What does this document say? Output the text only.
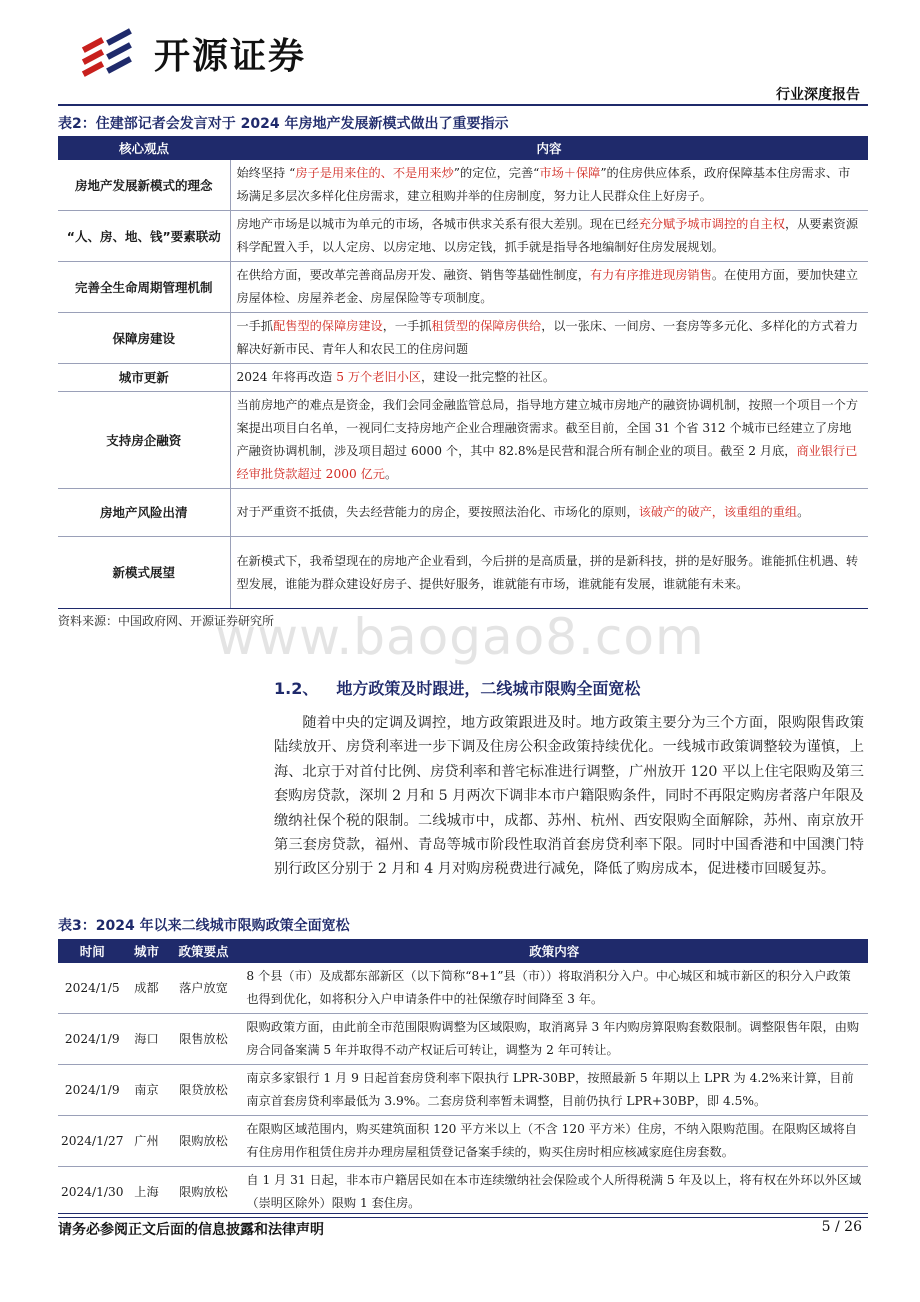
开源证券
行业深度报告
表2：住建部记者会发言对于 2024 年房地产发展新模式做出了重要指示
核心观点	内容
房地产发展新模式的理念	始终坚持 “房子是用来住的、不是用来炒”的定位，完善“市场＋保障”的住房供应体系，政府保障基本住房需求、市场满足多层次多样化住房需求，建立租购并举的住房制度，努力让人民群众住上好房子。
“人、房、地、钱”要素联动	房地产市场是以城市为单元的市场，各城市供求关系有很大差别。现在已经充分赋予城市调控的自主权，从要素资源科学配置入手，以人定房、以房定地、以房定钱，抓手就是指导各地编制好住房发展规划。
完善全生命周期管理机制	在供给方面，要改革完善商品房开发、融资、销售等基础性制度，有力有序推进现房销售。在使用方面，要加快建立房屋体检、房屋养老金、房屋保险等专项制度。
保障房建设	一手抓配售型的保障房建设，一手抓租赁型的保障房供给，以一张床、一间房、一套房等多元化、多样化的方式着力解决好新市民、青年人和农民工的住房问题
城市更新	2024 年将再改造 5 万个老旧小区，建设一批完整的社区。
支持房企融资	当前房地产的难点是资金，我们会同金融监管总局，指导地方建立城市房地产的融资协调机制，按照一个项目一个方案提出项目白名单，一视同仁支持房地产企业合理融资需求。截至目前，全国 31 个省 312 个城市已经建立了房地产融资协调机制，涉及项目超过 6000 个，其中 82.8%是民营和混合所有制企业的项目。截至 2 月底，商业银行已经审批贷款超过 2000 亿元。
房地产风险出清	对于严重资不抵债，失去经营能力的房企，要按照法治化、市场化的原则，该破产的破产，该重组的重组。
新模式展望	在新模式下，我希望现在的房地产企业看到，今后拼的是高质量，拼的是新科技，拼的是好服务。谁能抓住机遇、转型发展，谁能为群众建设好房子、提供好服务，谁就能有市场，谁就能有发展，谁就能有未来。
资料来源：中国政府网、开源证券研究所
www.baogao8.com
1.2、 地方政策及时跟进，二线城市限购全面宽松
随着中央的定调及调控，地方政策跟进及时。地方政策主要分为三个方面，限购限售政策陆续放开、房贷利率进一步下调及住房公积金政策持续优化。一线城市政策调整较为谨慎，上海、北京于对首付比例、房贷利率和普宅标准进行调整，广州放开 120 平以上住宅限购及第三套购房贷款，深圳 2 月和 5 月两次下调非本市户籍限购条件，同时不再限定购房者落户年限及缴纳社保个税的限制。二线城市中，成都、苏州、杭州、西安限购全面解除，苏州、南京放开第三套房贷款，福州、青岛等城市阶段性取消首套房贷利率下限。同时中国香港和中国澳门特别行政区分别于 2 月和 4 月对购房税费进行减免，降低了购房成本，促进楼市回暖复苏。
表3：2024 年以来二线城市限购政策全面宽松
时间	城市	政策要点	政策内容
2024/1/5	成都	落户放宽	8 个县（市）及成都东部新区（以下简称“8+1”县（市））将取消积分入户。中心城区和城市新区的积分入户政策也得到优化，如将积分入户申请条件中的社保缴存时间降至 3 年。
2024/1/9	海口	限售放松	限购政策方面，由此前全市范围限购调整为区域限购，取消离异 3 年内购房算限购套数限制。调整限售年限，由购房合同备案满 5 年并取得不动产权证后可转让，调整为 2 年可转让。
2024/1/9	南京	限贷放松	南京多家银行 1 月 9 日起首套房贷利率下限执行 LPR-30BP，按照最新 5 年期以上 LPR 为 4.2%来计算，目前南京首套房贷利率最低为 3.9%。二套房贷利率暂未调整，目前仍执行 LPR+30BP，即 4.5%。
2024/1/27	广州	限购放松	在限购区域范围内，购买建筑面积 120 平方米以上（不含 120 平方米）住房，不纳入限购范围。在限购区域将自有住房用作租赁住房并办理房屋租赁登记备案手续的，购买住房时相应核减家庭住房套数。
2024/1/30	上海	限购放松	自 1 月 31 日起，非本市户籍居民如在本市连续缴纳社会保险或个人所得税满 5 年及以上，将有权在外环以外区域（崇明区除外）限购 1 套住房。
请务必参阅正文后面的信息披露和法律声明	5 / 26
